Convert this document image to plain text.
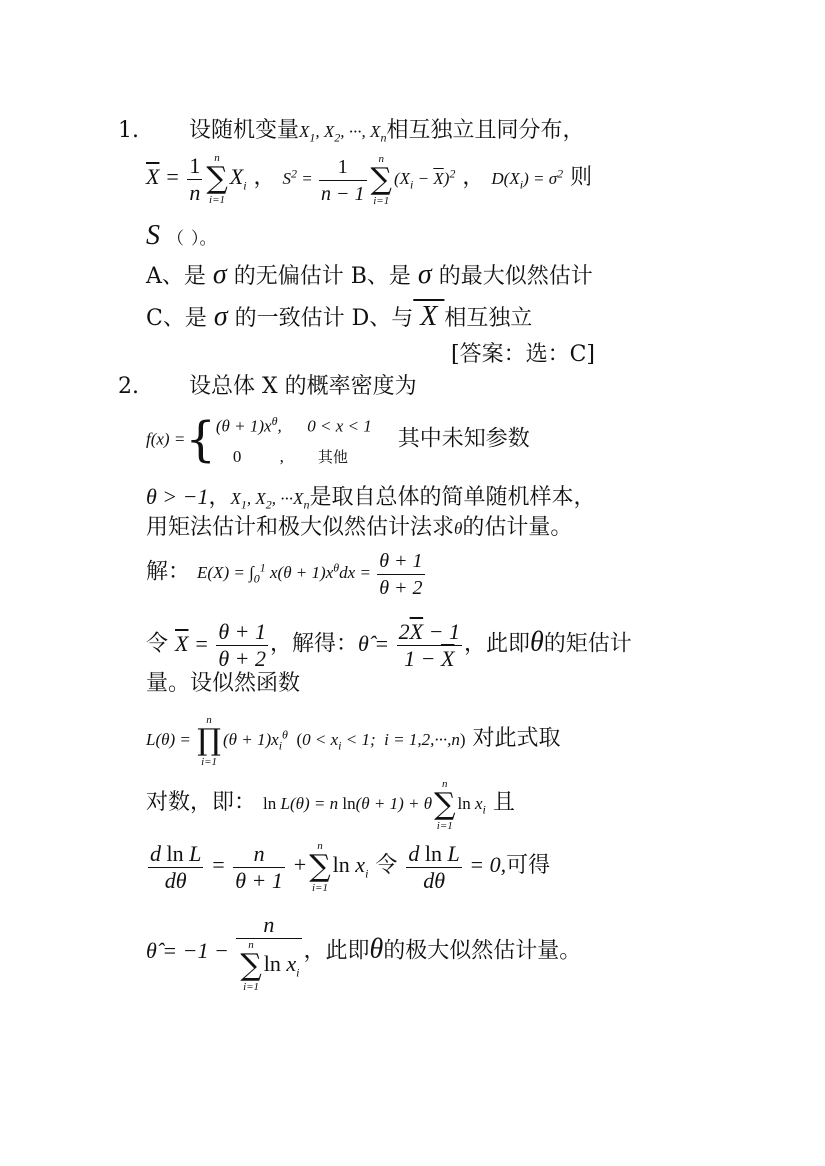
1. 设随机变量$X_1$, $X_2$, ···, $X_n$相互独立且同分布，
$\overline{X} = \frac{1}{n}$	n
∑
i=1
$X_i$ ， $S^2 = \frac{1}{n - 1}$	n
∑
i=1
$(X_i - \overline{X})^2$ ， $D(X_i) = \sigma^2$ 则
S （ ）。
A、是 σ 的无偏估计 B、是 σ 的最大似然估计
C、是 σ 的一致估计 D、与 X 相互独立
[答案：选：C]
2. 设总体 X 的概率密度为
f(x) ={ $(\theta + 1)x^\theta$,      0 < x < 1
0 , 其他
其中未知参数
θ > −1，$X_1$, $X_2$, $\cdot\cdot\cdot X_n$是取自总体的简单随机样本，
用矩法估计和极大似然估计法求θ的估计量。
解： $E(X) = \int_0^1$ $x(\theta + 1)x^\theta dx = \frac{\theta + 1}{\theta + 2}$
令 $\overline{X} = \frac{\theta + 1}{\theta + 2}$ ，解得：θ̂ = $\frac{2\overline{X} - 1}{1 - \overline{X}}$ ，此即θ的矩估计
量。设似然函数
L(θ) =
n
∏
i=1
$(\theta + 1)x_i^\theta$ ($0 < x_i < 1$;  i = 1,2,···,n) 对此式取
对数，即： ln L(θ) = n ln(θ + 1) + θ
n
∑
i=1
$\ln x_i$ 且
$\frac{\text{d ln L}}{d\theta} = \frac{n}{\theta + 1}$ +
n
∑
i=1
$\ln x_i$ 令 $\frac{\text{d ln L}}{d\theta} = 0$,可得
θ̂ = −1 − n
n
∑
i=1
$\ln x_i$ ，此即θ的极大似然估计量。
